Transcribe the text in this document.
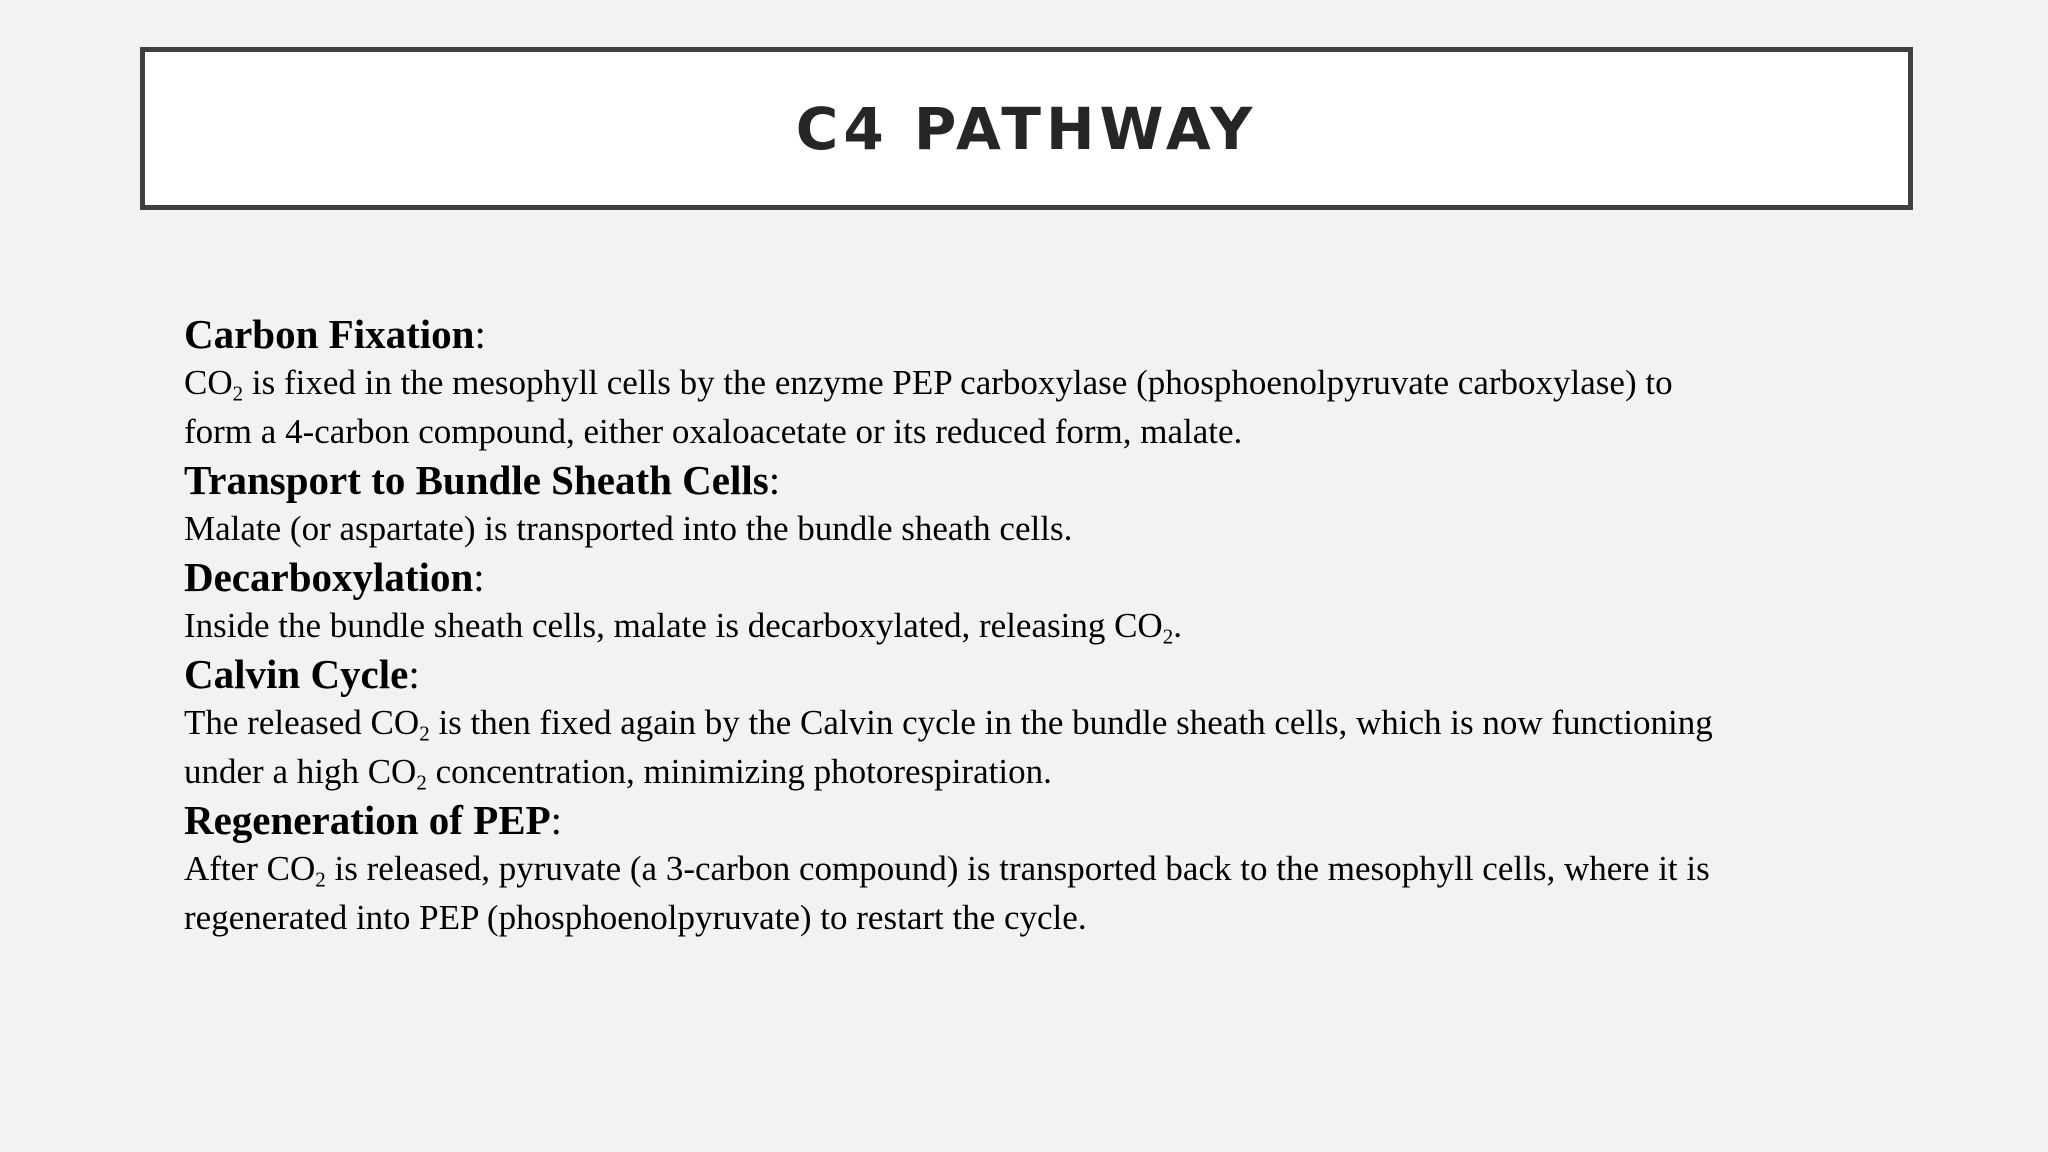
C4 PATHWAY

Carbon Fixation:

$CO_2$ is fixed in the mesophyll cells by the enzyme PEP carboxylase (phosphoenolpyruvate carboxylase) to
form a 4-carbon compound, either oxaloacetate or its reduced form, malate.

Transport to Bundle Sheath Cells:

Malate (or aspartate) is transported into the bundle sheath cells.

Decarboxylation:

Inside the bundle sheath cells, malate is decarboxylated, releasing $CO_2$.

Calvin Cycle:

The released $CO_2$ is then fixed again by the Calvin cycle in the bundle sheath cells, which is now functioning
under a high $CO_2$ concentration, minimizing photorespiration.

Regeneration of PEP:

After $CO_2$ is released, pyruvate (a 3-carbon compound) is transported back to the mesophyll cells, where it is
regenerated into PEP (phosphoenolpyruvate) to restart the cycle.
